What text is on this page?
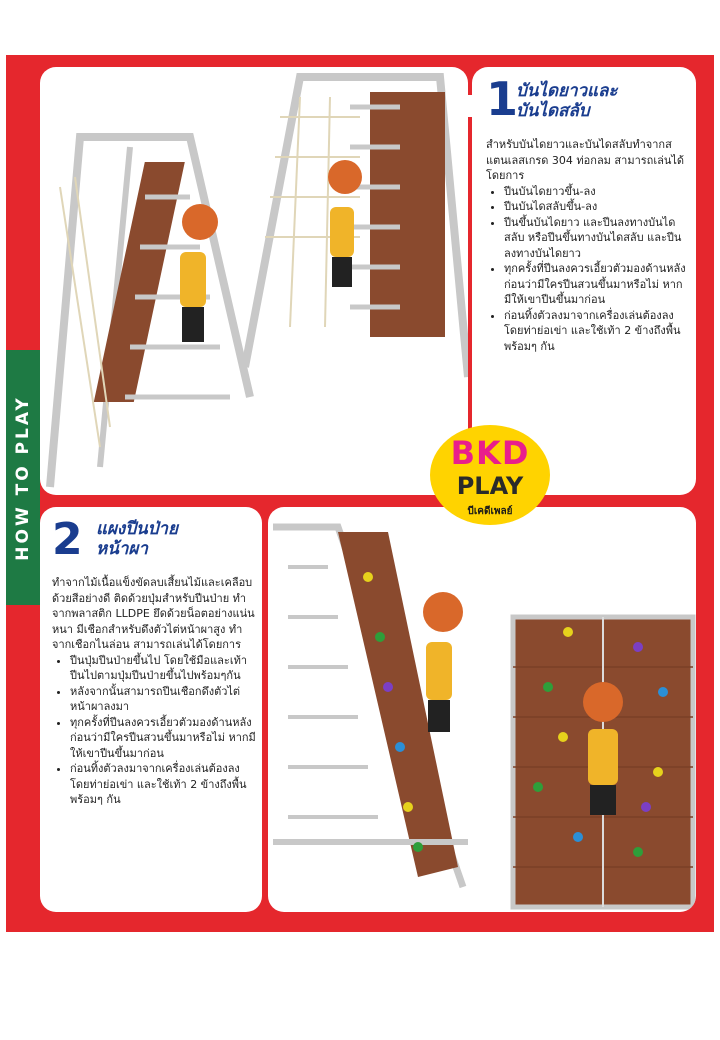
HOW TO PLAY
1
บันไดยาวและ
บันไดสลับ
สำหรับบันไดยาวและบันไดสลับทำจากสแตนเลสเกรด 304 ท่อกลม สามารถเล่นได้โดยการ
• ปีนบันไดยาวขึ้น-ลง
• ปีนบันไดสลับขึ้น-ลง
• ปีนขึ้นบันไดยาว และปีนลงทางบันไดสลับ หรือปีนขึ้นทางบันไดสลับ และปีนลงทางบันไดยาว
• ทุกครั้งที่ปีนลงควรเอี้ยวตัวมองด้านหลังก่อนว่ามีใครปีนสวนขึ้นมาหรือไม่ หากมีให้เขาปีนขึ้นมาก่อน
• ก่อนทิ้งตัวลงมาจากเครื่องเล่นต้องลงโดยท่าย่อเข่า และใช้เท้า 2 ข้างถึงพื้นพร้อมๆ กัน
2 แผงปีนป่าย
หน้าผา
ทำจากไม้เนื้อแข็งขัดลบเสี้ยนไม้และเคลือบด้วยสีอย่างดี ติดด้วยปุ่มสำหรับปีนป่าย ทำจากพลาสติก LLDPE ยึดด้วยน็อตอย่างแน่นหนา มีเชือกสำหรับดึงตัวไต่หน้าผาสูง ทำจากเชือกไนล่อน สามารถเล่นได้โดยการ
• ปีนปุ่มปีนป่ายขึ้นไป โดยใช้มือและเท้าปีนไปตามปุ่มปีนป่ายขึ้นไปพร้อมๆกัน
• หลังจากนั้นสามารถปีนเชือกดึงตัวไต่หน้าผาลงมา
• ทุกครั้งที่ปีนลงควรเอี้ยวตัวมองด้านหลังก่อนว่ามีใครปีนสวนขึ้นมาหรือไม่ หากมีให้เขาปีนขึ้นมาก่อน
• ก่อนทิ้งตัวลงมาจากเครื่องเล่นต้องลงโดยท่าย่อเข่า และใช้เท้า 2 ข้างถึงพื้นพร้อมๆ กัน
BKD
PLAY
บีเคดีเพลย์
